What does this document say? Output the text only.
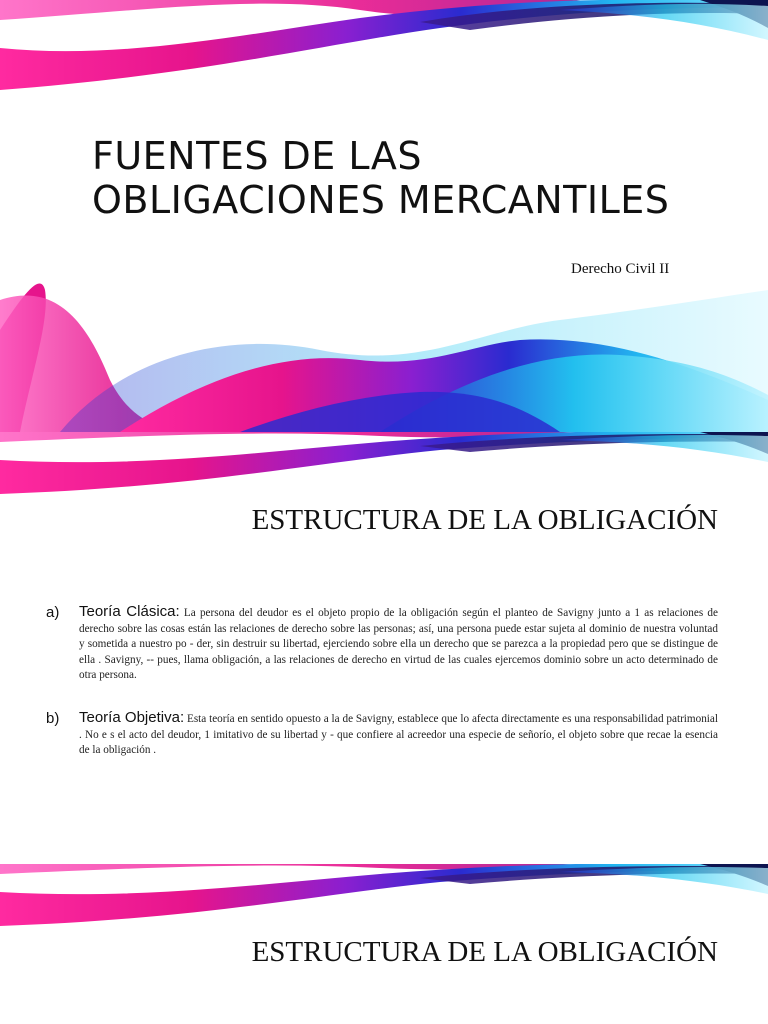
FUENTES DE LAS
OBLIGACIONES MERCANTILES
Derecho Civil II
ESTRUCTURA DE LA OBLIGACIÓN
a) Teoría Clásica: La persona del deudor es el objeto propio de la obligación según el planteo de Savigny junto a 1 as relaciones de derecho sobre las cosas están las relaciones de derecho sobre las personas; así, una persona puede estar sujeta al dominio de nuestra voluntad y sometida a nuestro po - der, sin destruir su libertad, ejerciendo sobre ella un derecho que se parezca a la propiedad pero que se distingue de ella . Savigny, -- pues, llama obligación, a las relaciones de derecho en virtud de las cuales ejercemos dominio sobre un acto determinado de otra persona.
b) Teoría Objetiva: Esta teoría en sentido opuesto a la de Savigny, establece que lo afecta directamente es una responsabilidad patrimonial . No e s el acto del deudor, 1 imitativo de su libertad y - que confiere al acreedor una especie de señorío, el objeto sobre que recae la esencia de la obligación .
ESTRUCTURA DE LA OBLIGACIÓN
